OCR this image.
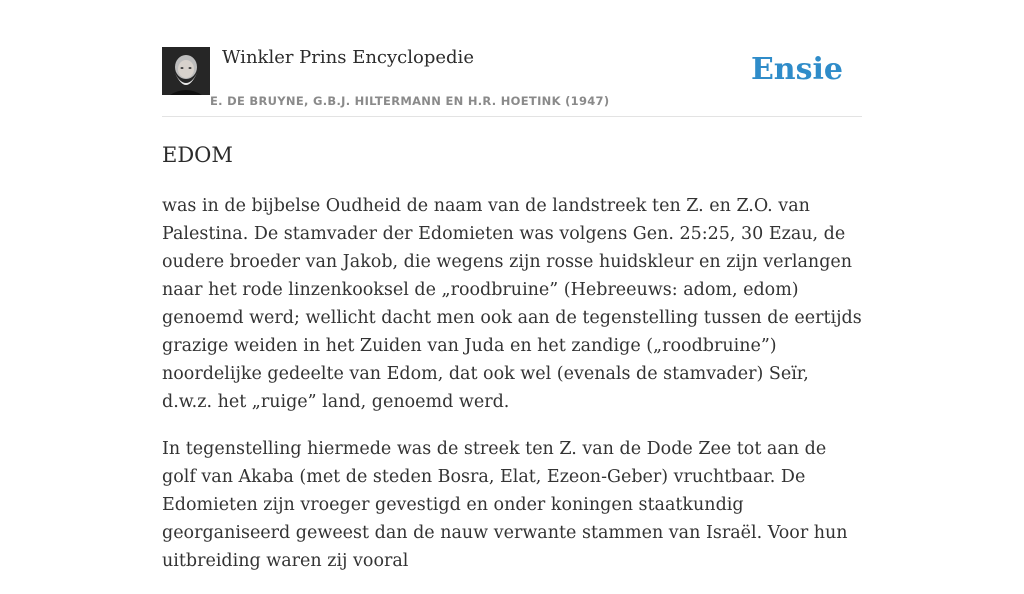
Winkler Prins Encyclopedie
E. DE BRUYNE, G.B.J. HILTERMANN EN H.R. HOETINK (1947)
Ensie
EDOM

was in de bijbelse Oudheid de naam van de landstreek ten Z. en Z.O. van Palestina. De stamvader der Edomieten was volgens Gen. 25:25, 30 Ezau, de oudere broeder van Jakob, die wegens zijn rosse huidskleur en zijn verlangen naar het rode linzenkooksel de „roodbruine” (Hebreeuws: adom, edom) genoemd werd; wellicht dacht men ook aan de tegenstelling tussen de eertijds grazige weiden in het Zuiden van Juda en het zandige („roodbruine”) noordelijke gedeelte van Edom, dat ook wel (evenals de stamvader) Seïr, d.w.z. het „ruige” land, genoemd werd.

In tegenstelling hiermede was de streek ten Z. van de Dode Zee tot aan de golf van Akaba (met de steden Bosra, Elat, Ezeon-Geber) vruchtbaar. De Edomieten zijn vroeger gevestigd en onder koningen staatkundig georganiseerd geweest dan de nauw verwante stammen van Israël. Voor hun uitbreiding waren zij vooral
